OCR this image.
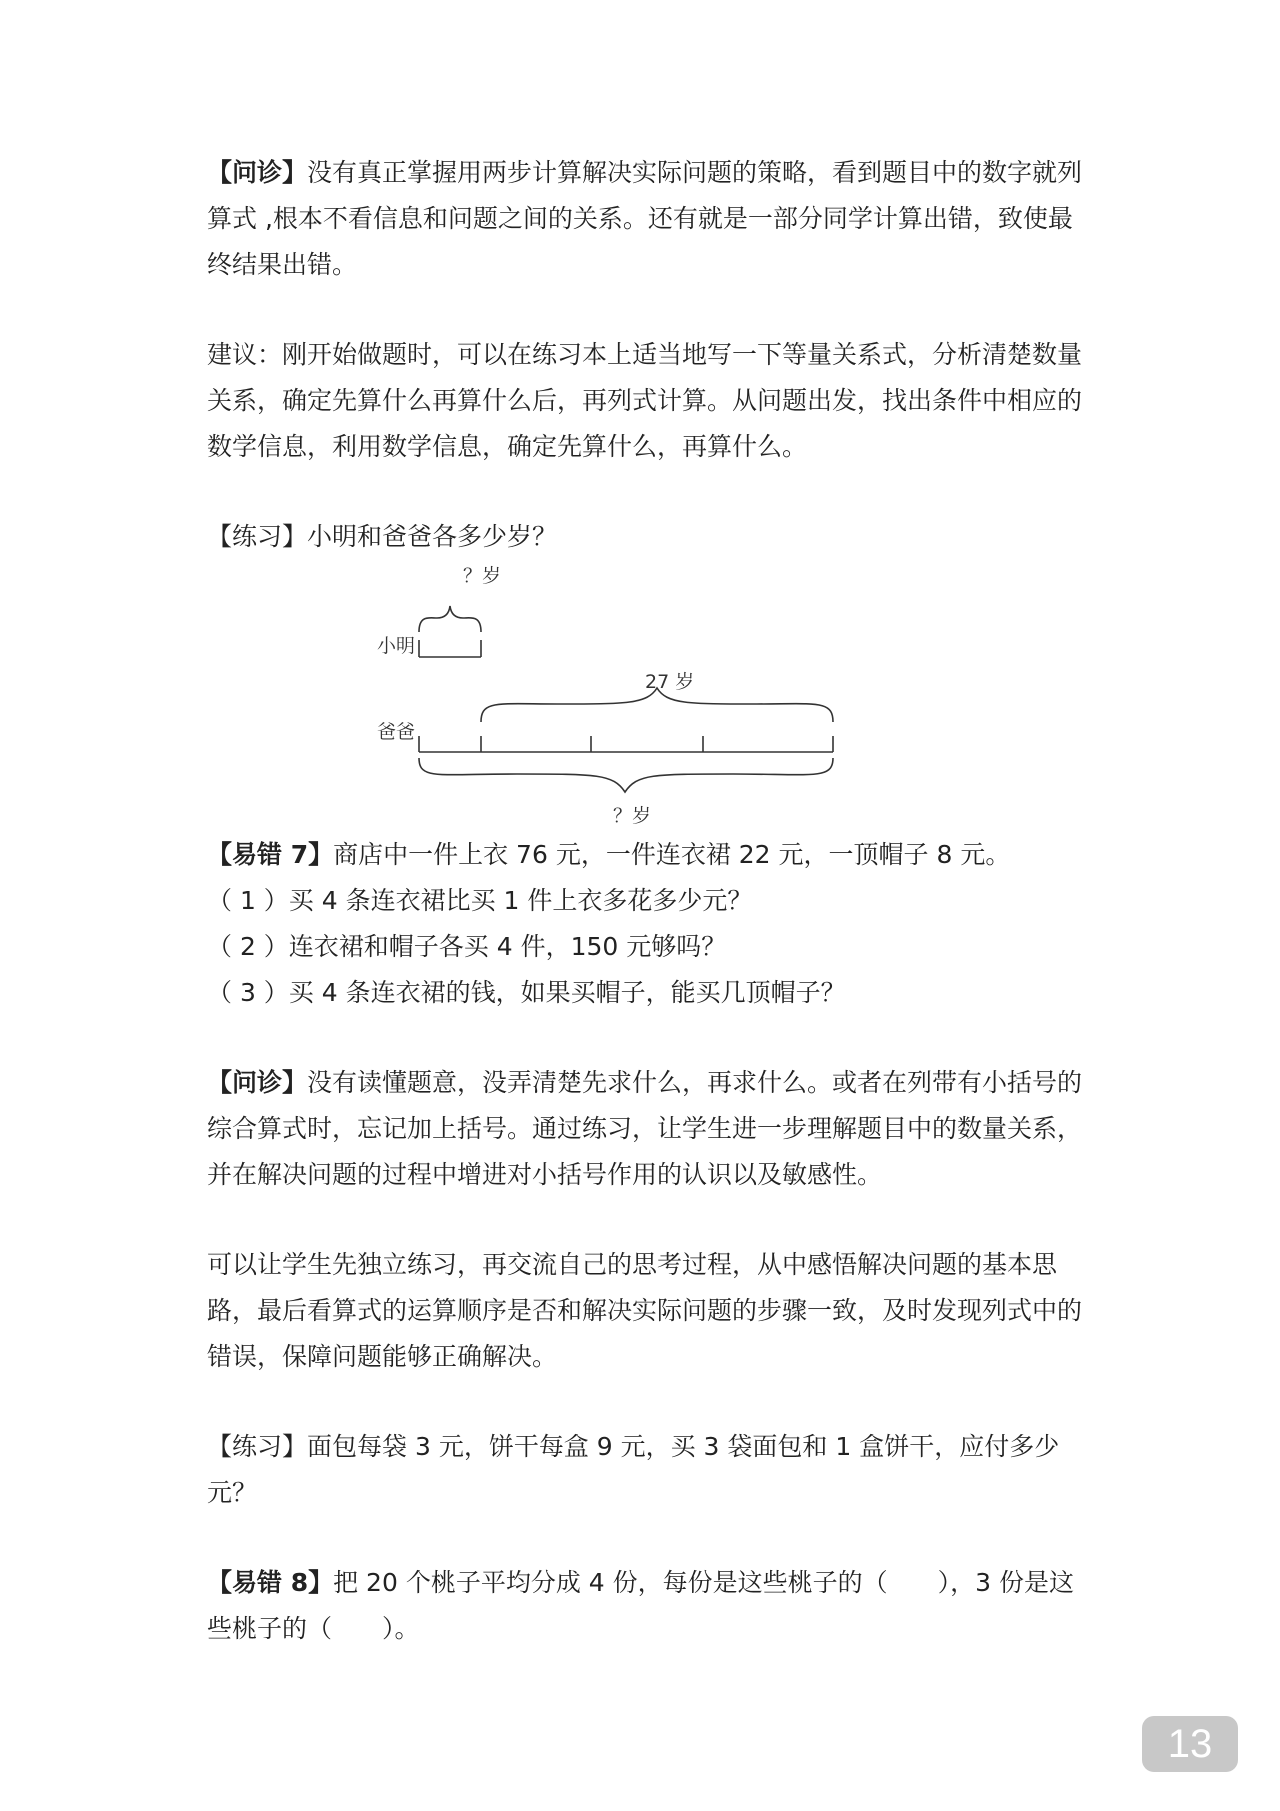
【问诊】没有真正掌握用两步计算解决实际问题的策略，看到题目中的数字就列算式 ,根本不看信息和问题之间的关系。还有就是一部分同学计算出错，致使最终结果出错。

建议：刚开始做题时，可以在练习本上适当地写一下等量关系式，分析清楚数量关系，确定先算什么再算什么后，再列式计算。从问题出发，找出条件中相应的数学信息，利用数学信息，确定先算什么，再算什么。

【练习】小明和爸爸各多少岁？

？岁
小明
27 岁
爸爸
？岁
【易错 7】商店中一件上衣 76 元，一件连衣裙 22 元，一顶帽子 8 元。
（ 1 ）买 4 条连衣裙比买 1 件上衣多花多少元？
（ 2 ）连衣裙和帽子各买 4 件，150 元够吗？
（ 3 ）买 4 条连衣裙的钱，如果买帽子，能买几顶帽子？

【问诊】没有读懂题意，没弄清楚先求什么，再求什么。或者在列带有小括号的综合算式时，忘记加上括号。通过练习，让学生进一步理解题目中的数量关系，并在解决问题的过程中增进对小括号作用的认识以及敏感性。

可以让学生先独立练习，再交流自己的思考过程，从中感悟解决问题的基本思路，最后看算式的运算顺序是否和解决实际问题的步骤一致，及时发现列式中的错误，保障问题能够正确解决。

【练习】面包每袋 3 元，饼干每盒 9 元，买 3 袋面包和 1 盒饼干，应付多少元？

【易错 8】把 20 个桃子平均分成 4 份，每份是这些桃子的（　　），3 份是这些桃子的（　　）。

13
